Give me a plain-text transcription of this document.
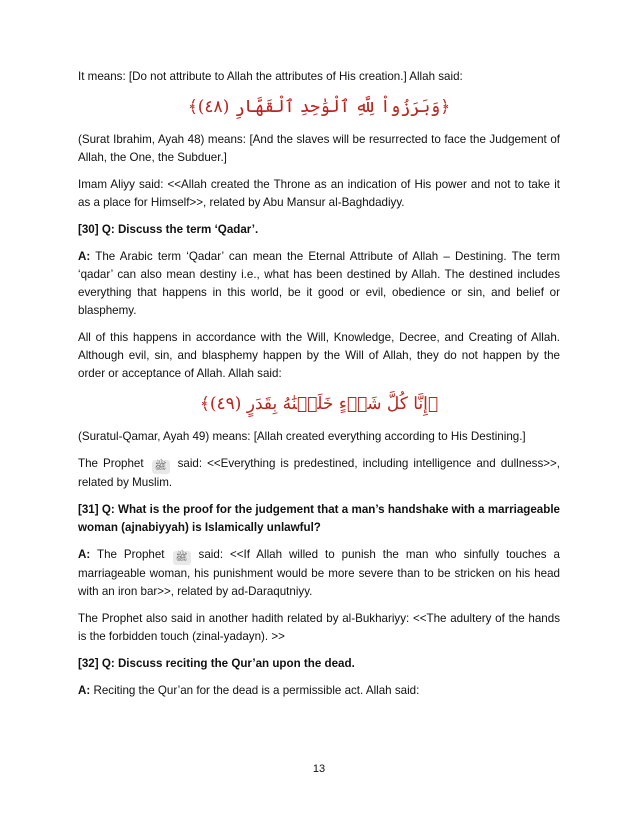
It means: [Do not attribute to Allah the attributes of His creation.] Allah said:

﴿وَبَرَزُواْ لِلَّهِ ٱلْوَٰحِدِ ٱلْقَهَّارِ (٤٨)﴾

(Surat Ibrahim, Ayah 48) means: [And the slaves will be resurrected to face the Judgement of Allah, the One, the Subduer.]

Imam Aliyy said: <<Allah created the Throne as an indication of His power and not to take it as a place for Himself>>, related by Abu Mansur al-Baghdadiyy.

[30] Q: Discuss the term ‘Qadar’.

A: The Arabic term ‘Qadar’ can mean the Eternal Attribute of Allah – Destining. The term ‘qadar’ can also mean destiny i.e., what has been destined by Allah. The destined includes everything that happens in this world, be it good or evil, obedience or sin, and belief or blasphemy.

All of this happens in accordance with the Will, Knowledge, Decree, and Creating of Allah. Although evil, sin, and blasphemy happen by the Will of Allah, they do not happen by the order or acceptance of Allah. Allah said:

﴿إِنَّا كُلَّ شَىۡءٍ خَلَقۡنَٰهُ بِقَدَرٍ (٤٩)﴾

(Suratul-Qamar, Ayah 49) means: [Allah created everything according to His Destining.]

The Prophet ﷺ said: <<Everything is predestined, including intelligence and dullness>>, related by Muslim.

[31] Q: What is the proof for the judgement that a man’s handshake with a marriageable woman (ajnabiyyah) is Islamically unlawful?

A: The Prophet ﷺ said: <<If Allah willed to punish the man who sinfully touches a marriageable woman, his punishment would be more severe than to be stricken on his head with an iron bar>>, related by ad-Daraqutniyy.

The Prophet also said in another hadith related by al-Bukhariyy: <<The adultery of the hands is the forbidden touch (zinal-yadayn). >>

[32] Q: Discuss reciting the Qur’an upon the dead.

A: Reciting the Qur’an for the dead is a permissible act. Allah said:

13
